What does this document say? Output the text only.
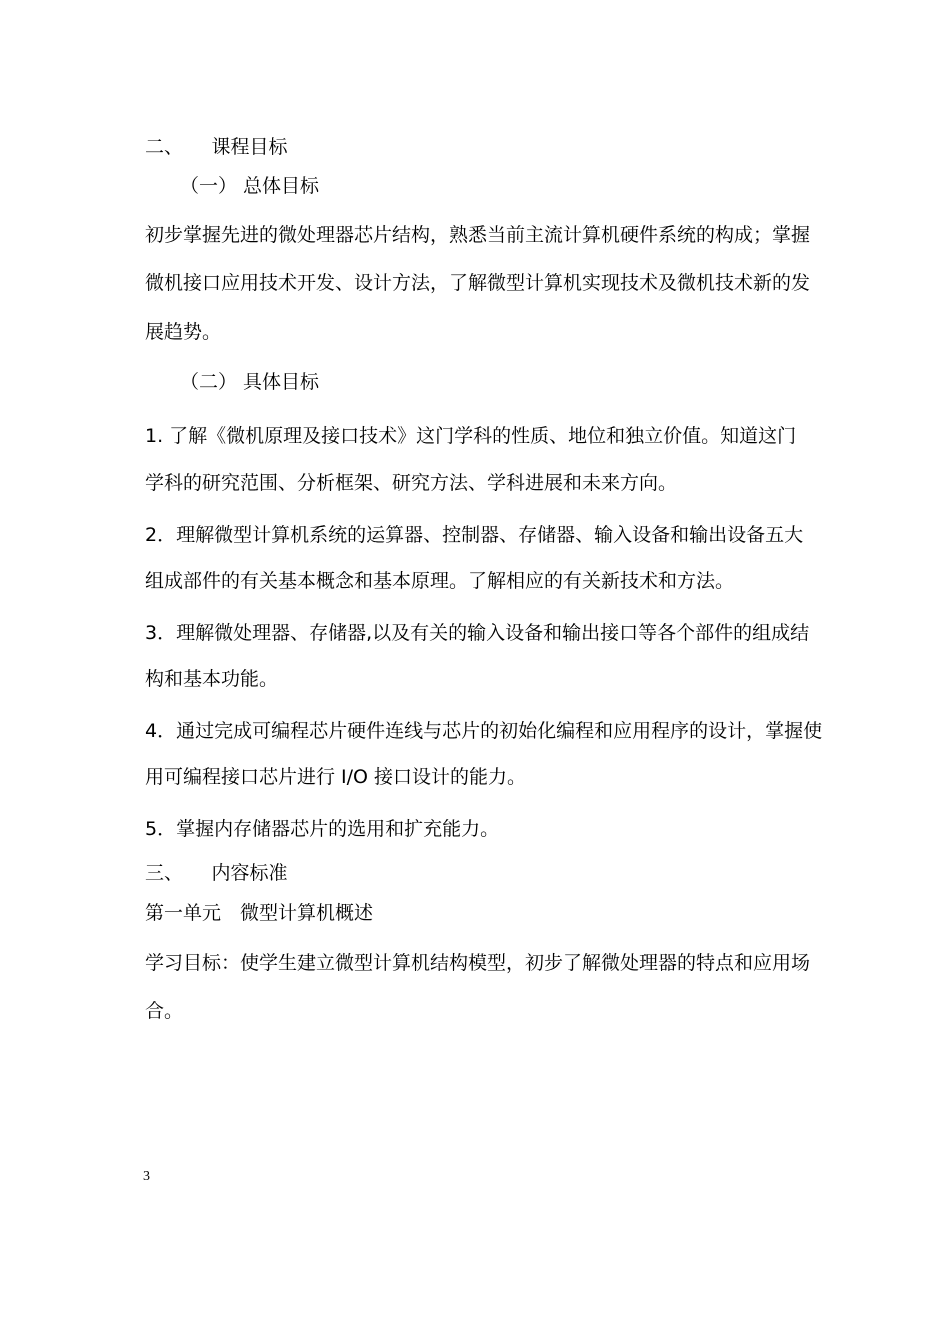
二、　　课程目标
（一） 总体目标
初步掌握先进的微处理器芯片结构，熟悉当前主流计算机硬件系统的构成；掌握
微机接口应用技术开发、设计方法，了解微型计算机实现技术及微机技术新的发
展趋势。
（二） 具体目标
1. 了解《微机原理及接口技术》这门学科的性质、地位和独立价值。知道这门
学科的研究范围、分析框架、研究方法、学科进展和未来方向。
2．理解微型计算机系统的运算器、控制器、存储器、输入设备和输出设备五大
组成部件的有关基本概念和基本原理。了解相应的有关新技术和方法。
3．理解微处理器、存储器,以及有关的输入设备和输出接口等各个部件的组成结
构和基本功能。
4．通过完成可编程芯片硬件连线与芯片的初始化编程和应用程序的设计，掌握使
用可编程接口芯片进行 I/O 接口设计的能力。
5．掌握内存储器芯片的选用和扩充能力。
三、　　内容标准
第一单元　微型计算机概述
学习目标：使学生建立微型计算机结构模型，初步了解微处理器的特点和应用场
合。
3
